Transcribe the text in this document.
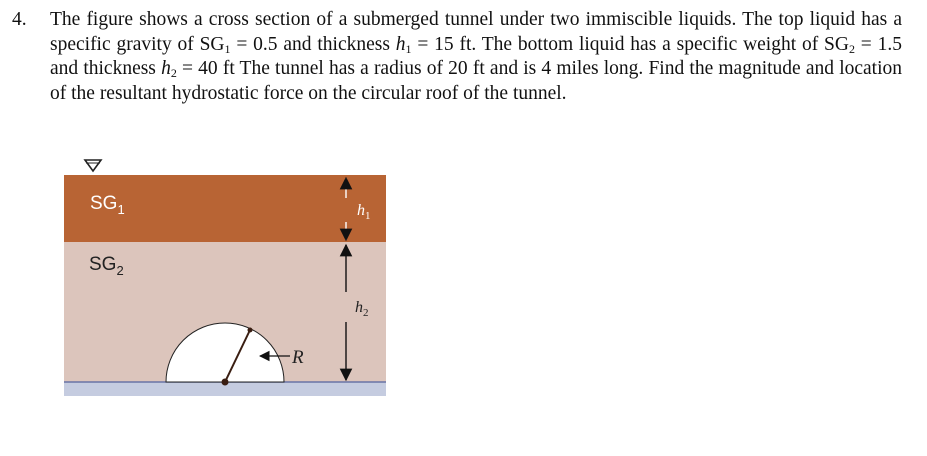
4.	The figure shows a cross section of a submerged tunnel under two immiscible liquids. The top liquid has a specific gravity of $SG_1 = 0.5$ and thickness $h_1 = 15$ ft. The bottom liquid has a specific weight of $SG_2 = 1.5$ and thickness $h_2 = 40$ ft The tunnel has a radius of 20 ft and is 4 miles long. Find the magnitude and location of the resultant hydrostatic force on the circular roof of the tunnel.
R
$h_1$
$h_2$
$SG_1$
$SG_2$
